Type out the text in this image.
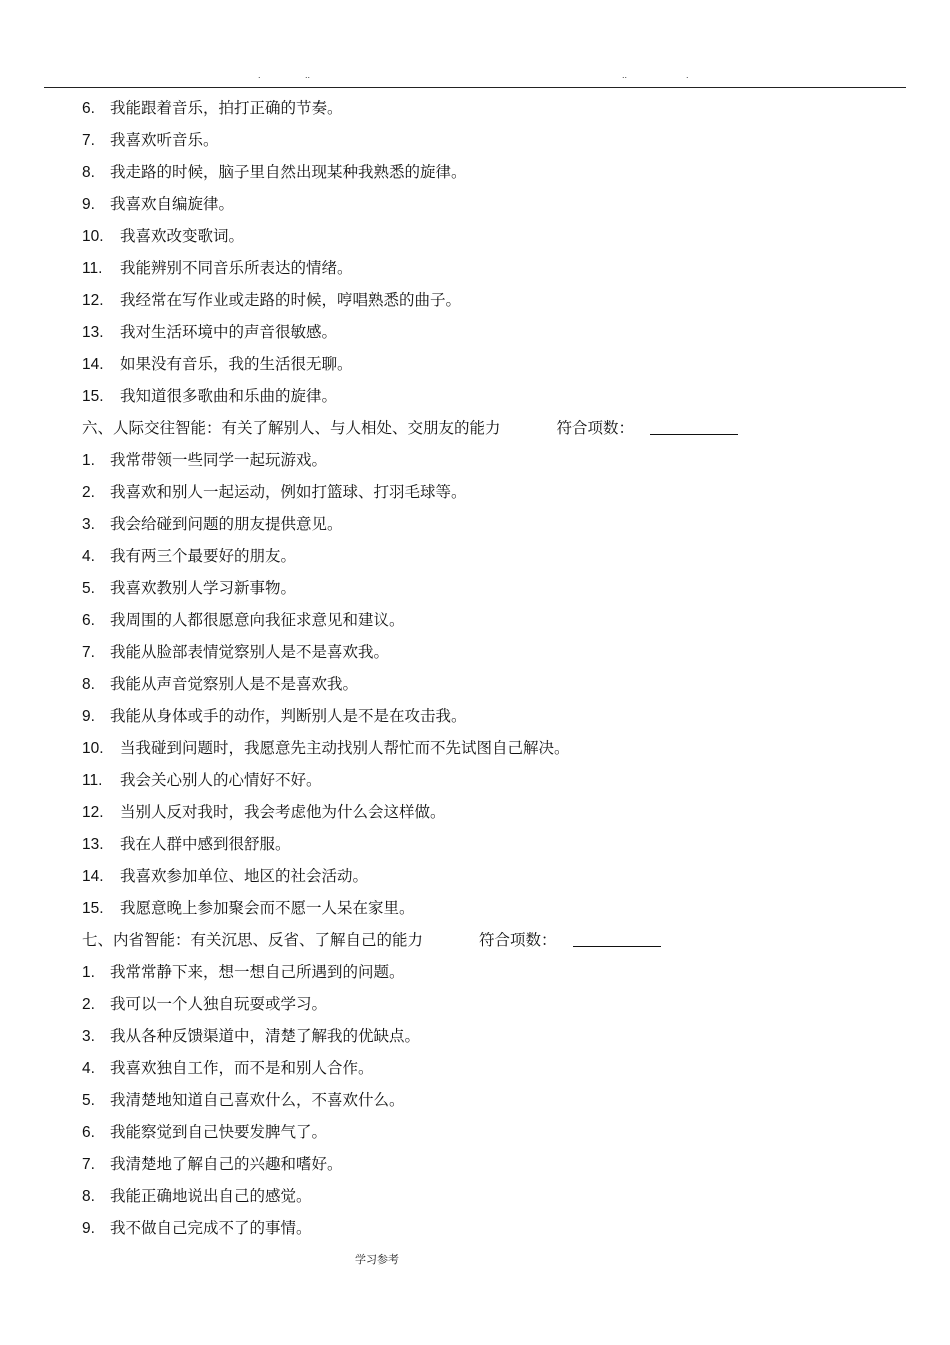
.	..	..	.
6. 我能跟着音乐，拍打正确的节奏。
7. 我喜欢听音乐。
8. 我走路的时候，脑子里自然出现某种我熟悉的旋律。
9. 我喜欢自编旋律。
10. 我喜欢改变歌词。
11. 我能辨别不同音乐所表达的情绪。
12. 我经常在写作业或走路的时候，哼唱熟悉的曲子。
13. 我对生活环境中的声音很敏感。
14. 如果没有音乐，我的生活很无聊。
15. 我知道很多歌曲和乐曲的旋律。
六、人际交往智能：有关了解别人、与人相处、交朋友的能力	符合项数：
1. 我常带领一些同学一起玩游戏。
2. 我喜欢和别人一起运动，例如打篮球、打羽毛球等。
3. 我会给碰到问题的朋友提供意见。
4. 我有两三个最要好的朋友。
5. 我喜欢教别人学习新事物。
6. 我周围的人都很愿意向我征求意见和建议。
7. 我能从脸部表情觉察别人是不是喜欢我。
8. 我能从声音觉察别人是不是喜欢我。
9. 我能从身体或手的动作，判断别人是不是在攻击我。
10. 当我碰到问题时，我愿意先主动找别人帮忙而不先试图自己解决。
11. 我会关心别人的心情好不好。
12. 当别人反对我时，我会考虑他为什么会这样做。
13. 我在人群中感到很舒服。
14. 我喜欢参加单位、地区的社会活动。
15. 我愿意晚上参加聚会而不愿一人呆在家里。
七、内省智能：有关沉思、反省、了解自己的能力	符合项数：
1. 我常常静下来，想一想自己所遇到的问题。
2. 我可以一个人独自玩耍或学习。
3. 我从各种反馈渠道中，清楚了解我的优缺点。
4. 我喜欢独自工作，而不是和别人合作。
5. 我清楚地知道自己喜欢什么，不喜欢什么。
6. 我能察觉到自己快要发脾气了。
7. 我清楚地了解自己的兴趣和嗜好。
8. 我能正确地说出自己的感觉。
9. 我不做自己完成不了的事情。
学习参考
